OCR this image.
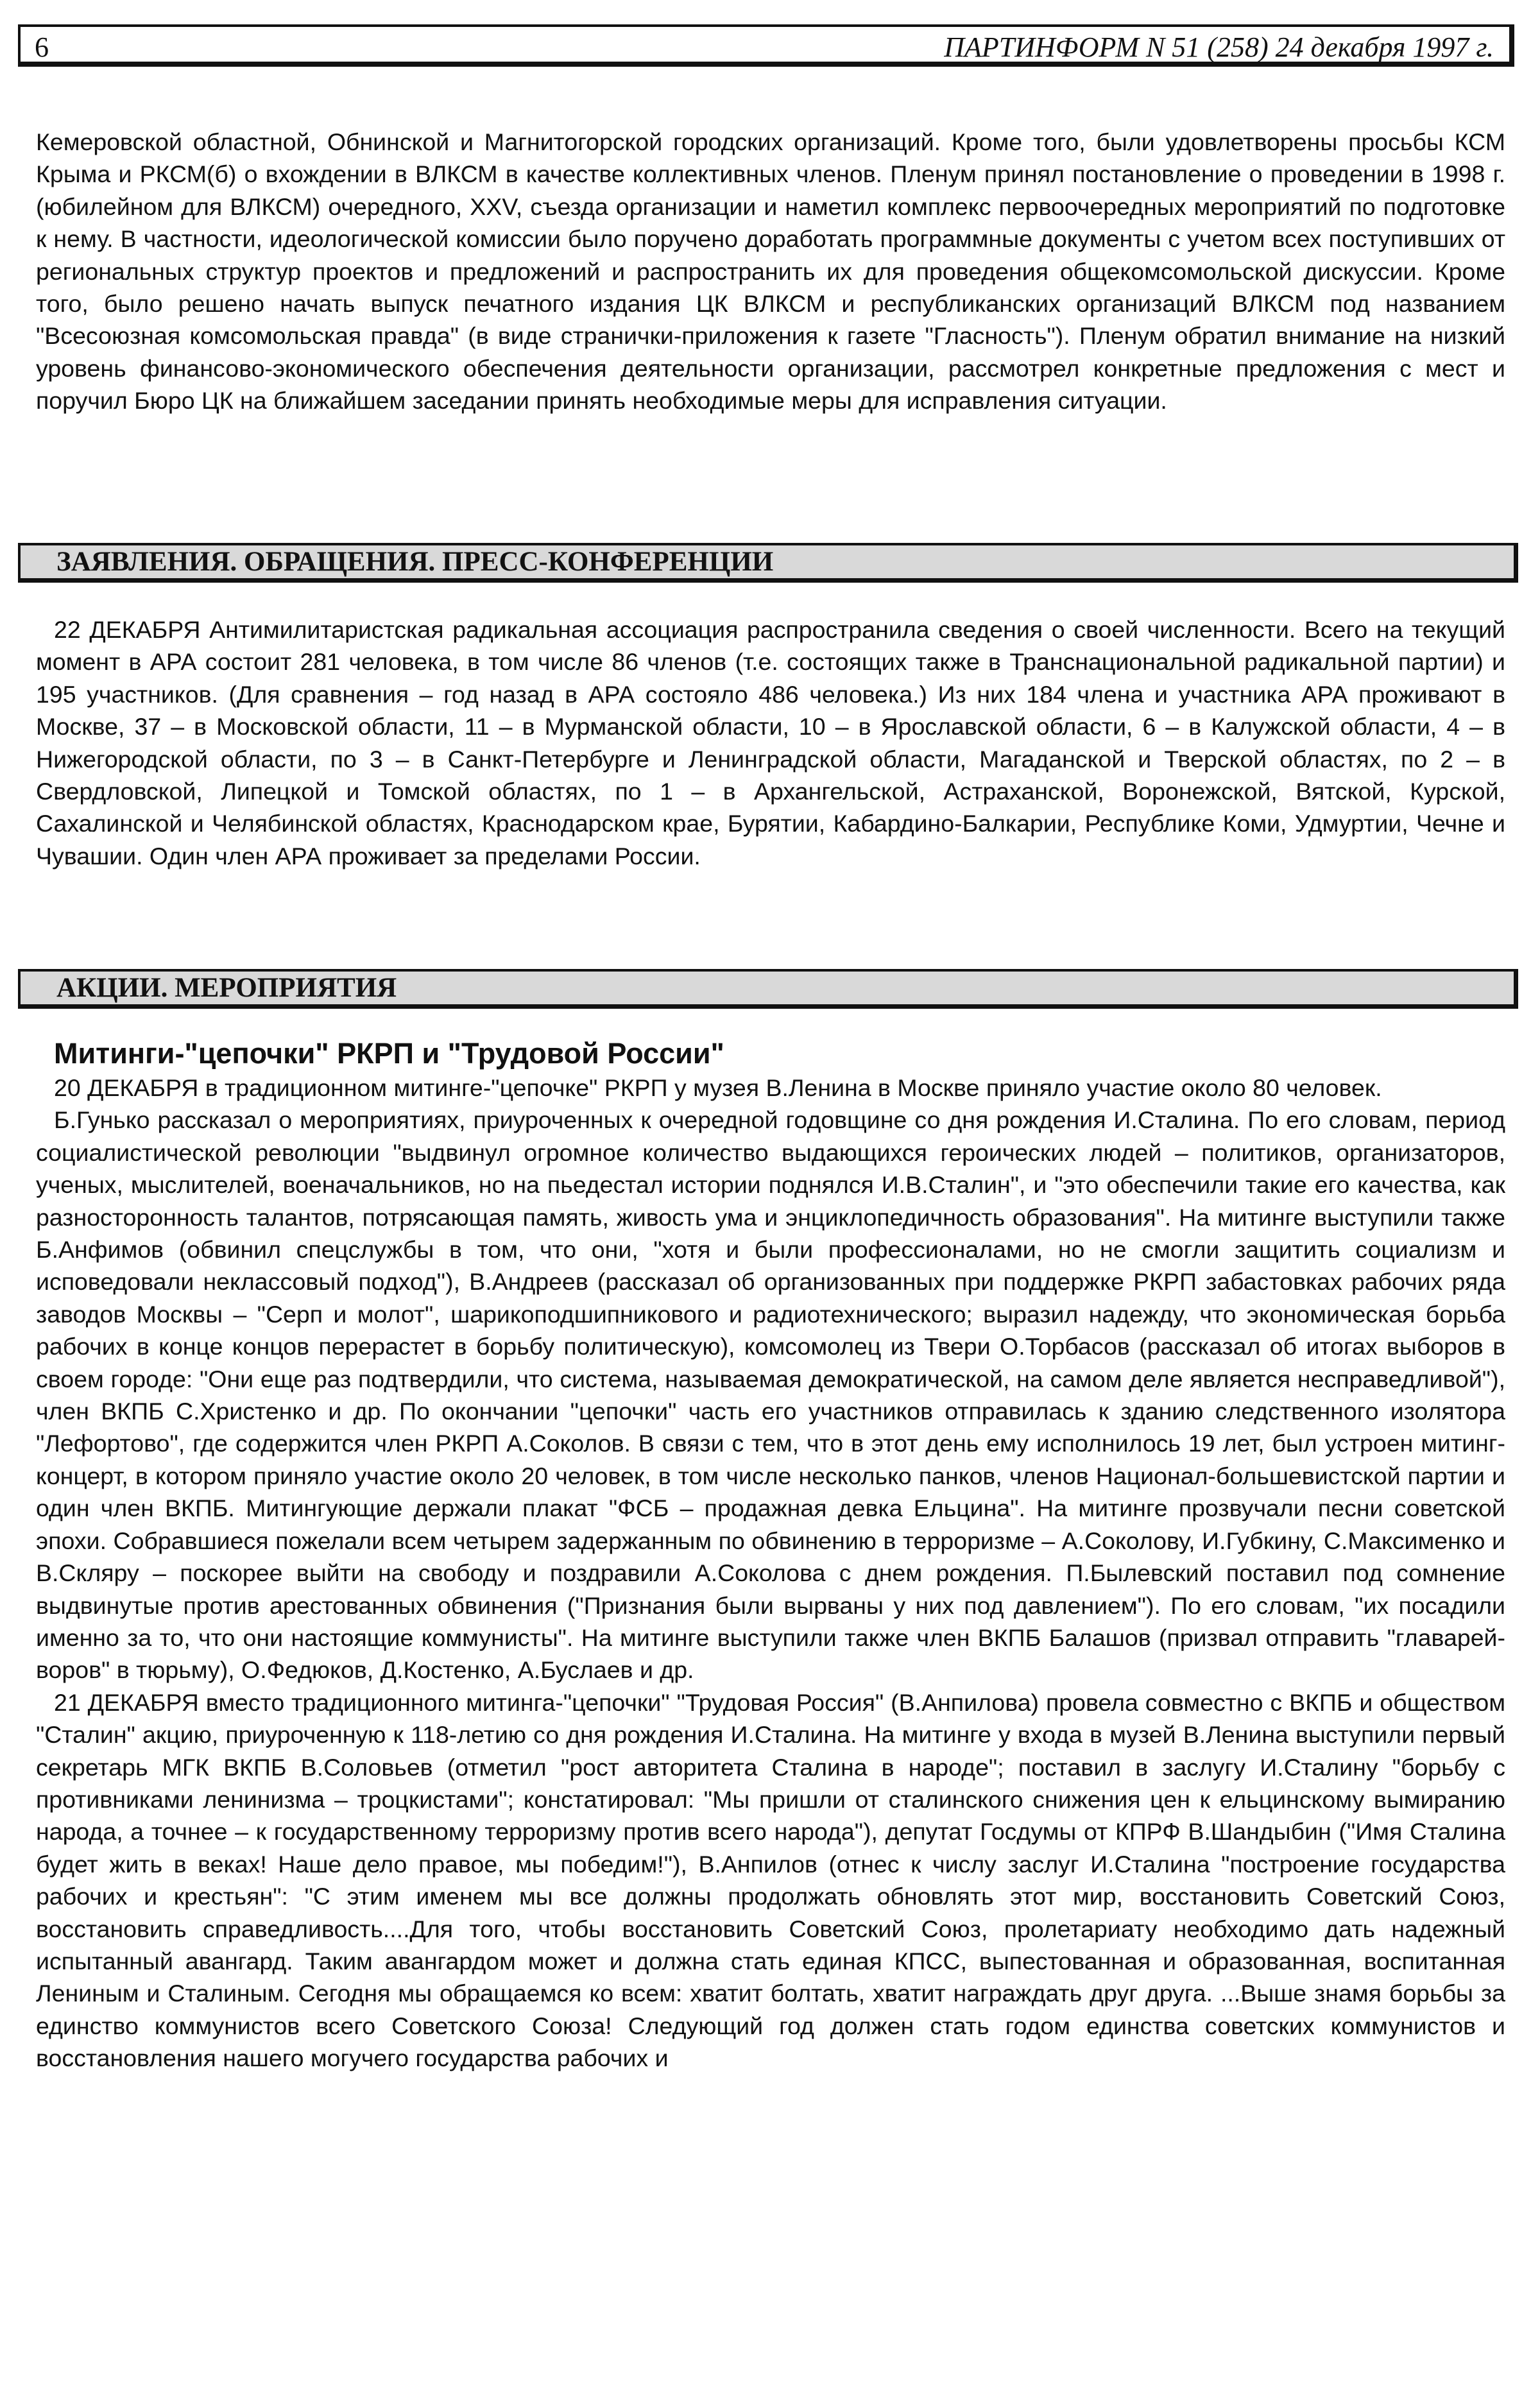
6	ПАРТИНФОРМ N 51 (258) 24 декабря 1997 г.

Кемеровской областной, Обнинской и Магнитогорской городских организаций. Кроме того, были удовлетворены просьбы КСМ Крыма и РКСМ(б) о вхождении в ВЛКСМ в качестве коллективных членов. Пленум принял постановление о проведении в 1998 г. (юбилейном для ВЛКСМ) очередного, XXV, съезда организации и наметил комплекс первоочередных мероприятий по подготовке к нему. В частности, идеологической комиссии было поручено доработать программные документы с учетом всех поступивших от региональных структур проектов и предложений и распространить их для проведения общекомсомольской дискуссии. Кроме того, было решено начать выпуск печатного издания ЦК ВЛКСМ и республиканских организаций ВЛКСМ под названием "Всесоюзная комсомольская правда" (в виде странички-приложения к газете "Гласность"). Пленум обратил внимание на низкий уровень финансово-экономического обеспечения деятельности организации, рассмотрел конкретные предложения с мест и поручил Бюро ЦК на ближайшем заседании принять необходимые меры для исправления ситуации.

ЗАЯВЛЕНИЯ. ОБРАЩЕНИЯ. ПРЕСС-КОНФЕРЕНЦИИ

22 ДЕКАБРЯ Антимилитаристская радикальная ассоциация распространила сведения о своей численности. Всего на текущий момент в АРА состоит 281 человека, в том числе 86 членов (т.е. состоящих также в Транснациональной радикальной партии) и 195 участников. (Для сравнения – год назад в АРА состояло 486 человека.) Из них 184 члена и участника АРА проживают в Москве, 37 – в Московской области, 11 – в Мурманской области, 10 – в Ярославской области, 6 – в Калужской области, 4 – в Нижегородской области, по 3 – в Санкт-Петербурге и Ленинградской области, Магаданской и Тверской областях, по 2 – в Свердловской, Липецкой и Томской областях, по 1 – в Архангельской, Астраханской, Воронежской, Вятской, Курской, Сахалинской и Челябинской областях, Краснодарском крае, Бурятии, Кабардино-Балкарии, Республике Коми, Удмуртии, Чечне и Чувашии. Один член АРА проживает за пределами России.

АКЦИИ. МЕРОПРИЯТИЯ
Митинги-"цепочки" РКРП и "Трудовой России"

20 ДЕКАБРЯ в традиционном митинге-"цепочке" РКРП у музея В.Ленина в Москве приняло участие около 80 человек.

Б.Гунько рассказал о мероприятиях, приуроченных к очередной годовщине со дня рождения И.Сталина. По его словам, период социалистической революции "выдвинул огромное количество выдающихся героических людей – политиков, организаторов, ученых, мыслителей, военачальников, но на пьедестал истории поднялся И.В.Сталин", и "это обеспечили такие его качества, как разносторонность талантов, потрясающая память, живость ума и энциклопедичность образования". На митинге выступили также Б.Анфимов (обвинил спецслужбы в том, что они, "хотя и были профессионалами, но не смогли защитить социализм и исповедовали неклассовый подход"), В.Андреев (рассказал об организованных при поддержке РКРП забастовках рабочих ряда заводов Москвы – "Серп и молот", шарикоподшипникового и радиотехнического; выразил надежду, что экономическая борьба рабочих в конце концов перерастет в борьбу политическую), комсомолец из Твери О.Торбасов (рассказал об итогах выборов в своем городе: "Они еще раз подтвердили, что система, называемая демократической, на самом деле является несправедливой"), член ВКПБ С.Христенко и др. По окончании "цепочки" часть его участников отправилась к зданию следственного изолятора "Лефортово", где содержится член РКРП А.Соколов. В связи с тем, что в этот день ему исполнилось 19 лет, был устроен митинг-концерт, в котором приняло участие около 20 человек, в том числе несколько панков, членов Национал-большевистской партии и один член ВКПБ. Митингующие держали плакат "ФСБ – продажная девка Ельцина". На митинге прозвучали песни советской эпохи. Собравшиеся пожелали всем четырем задержанным по обвинению в терроризме – А.Соколову, И.Губкину, С.Максименко и В.Скляру – поскорее выйти на свободу и поздравили А.Соколова с днем рождения. П.Былевский поставил под сомнение выдвинутые против арестованных обвинения ("Признания были вырваны у них под давлением"). По его словам, "их посадили именно за то, что они настоящие коммунисты". На митинге выступили также член ВКПБ Балашов (призвал отправить "главарей-воров" в тюрьму), О.Федюков, Д.Костенко, А.Буслаев и др.

21 ДЕКАБРЯ вместо традиционного митинга-"цепочки" "Трудовая Россия" (В.Анпилова) провела совместно с ВКПБ и обществом "Сталин" акцию, приуроченную к 118-летию со дня рождения И.Сталина. На митинге у входа в музей В.Ленина выступили первый секретарь МГК ВКПБ В.Соловьев (отметил "рост авторитета Сталина в народе"; поставил в заслугу И.Сталину "борьбу с противниками ленинизма – троцкистами"; констатировал: "Мы пришли от сталинского снижения цен к ельцинскому вымиранию народа, а точнее – к государственному терроризму против всего народа"), депутат Госдумы от КПРФ В.Шандыбин ("Имя Сталина будет жить в веках! Наше дело правое, мы победим!"), В.Анпилов (отнес к числу заслуг И.Сталина "построение государства рабочих и крестьян": "С этим именем мы все должны продолжать обновлять этот мир, восстановить Советский Союз, восстановить справедливость....Для того, чтобы восстановить Советский Союз, пролетариату необходимо дать надежный испытанный авангард. Таким авангардом может и должна стать единая КПСС, выпестованная и образованная, воспитанная Лениным и Сталиным. Сегодня мы обращаемся ко всем: хватит болтать, хватит награждать друг друга. ...Выше знамя борьбы за единство коммунистов всего Советского Союза! Следующий год должен стать годом единства советских коммунистов и восстановления нашего могучего государства рабочих и
